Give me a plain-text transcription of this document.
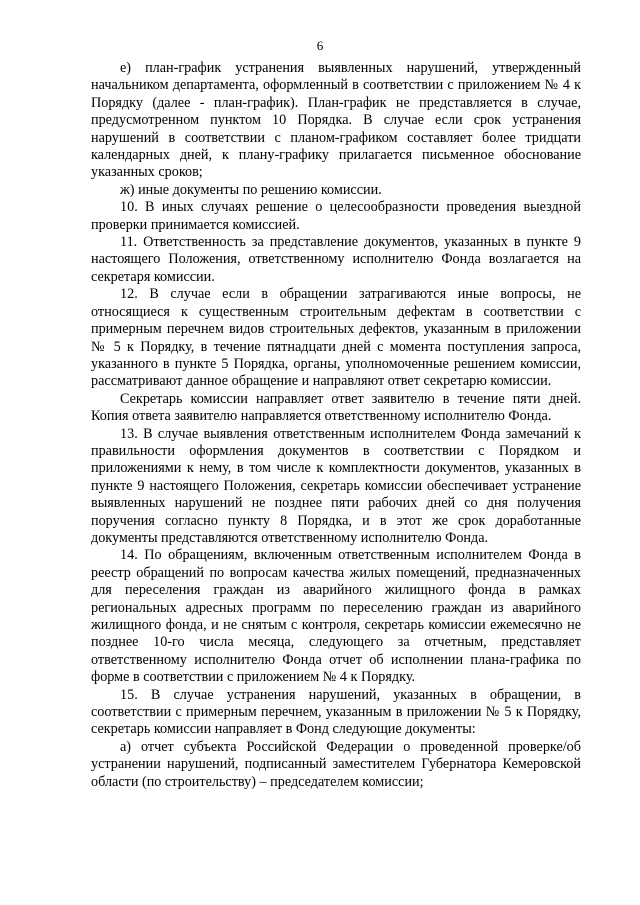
6

е) план-график устранения выявленных нарушений, утвержденный начальником департамента, оформленный в соответствии с приложением № 4 к Порядку (далее - план-график). План-график не представляется в случае, предусмотренном пунктом 10 Порядка. В случае если срок устранения нарушений в соответствии с планом-графиком составляет более тридцати календарных дней, к плану-графику прилагается письменное обоснование указанных сроков;

ж) иные документы по решению комиссии.

10. В иных случаях решение о целесообразности проведения выездной проверки принимается комиссией.

11. Ответственность за представление документов, указанных в пункте 9 настоящего Положения, ответственному исполнителю Фонда возлагается на секретаря комиссии.

12. В случае если в обращении затрагиваются иные вопросы, не относящиеся к существенным строительным дефектам в соответствии с примерным перечнем видов строительных дефектов, указанным в приложении № 5 к Порядку, в течение пятнадцати дней с момента поступления запроса, указанного в пункте 5 Порядка, органы, уполномоченные решением комиссии, рассматривают данное обращение и направляют ответ секретарю комиссии.

Секретарь комиссии направляет ответ заявителю в течение пяти дней. Копия ответа заявителю направляется ответственному исполнителю Фонда.

13. В случае выявления ответственным исполнителем Фонда замечаний к правильности оформления документов в соответствии с Порядком и приложениями к нему, в том числе к комплектности документов, указанных в пункте 9 настоящего Положения, секретарь комиссии обеспечивает устранение выявленных нарушений не позднее пяти рабочих дней со дня получения поручения согласно пункту 8 Порядка, и в этот же срок доработанные документы представляются ответственному исполнителю Фонда.

14. По обращениям, включенным ответственным исполнителем Фонда в реестр обращений по вопросам качества жилых помещений, предназначенных для переселения граждан из аварийного жилищного фонда в рамках региональных адресных программ по переселению граждан из аварийного жилищного фонда, и не снятым с контроля, секретарь комиссии ежемесячно не позднее 10-го числа месяца, следующего за отчетным, представляет ответственному исполнителю Фонда отчет об исполнении плана-графика по форме в соответствии с приложением № 4 к Порядку.

15. В случае устранения нарушений, указанных в обращении, в соответствии с примерным перечнем, указанным в приложении № 5 к Порядку, секретарь комиссии направляет в Фонд следующие документы:

а) отчет субъекта Российской Федерации о проведенной проверке/об устранении нарушений, подписанный заместителем Губернатора Кемеровской области (по строительству) – председателем комиссии;
